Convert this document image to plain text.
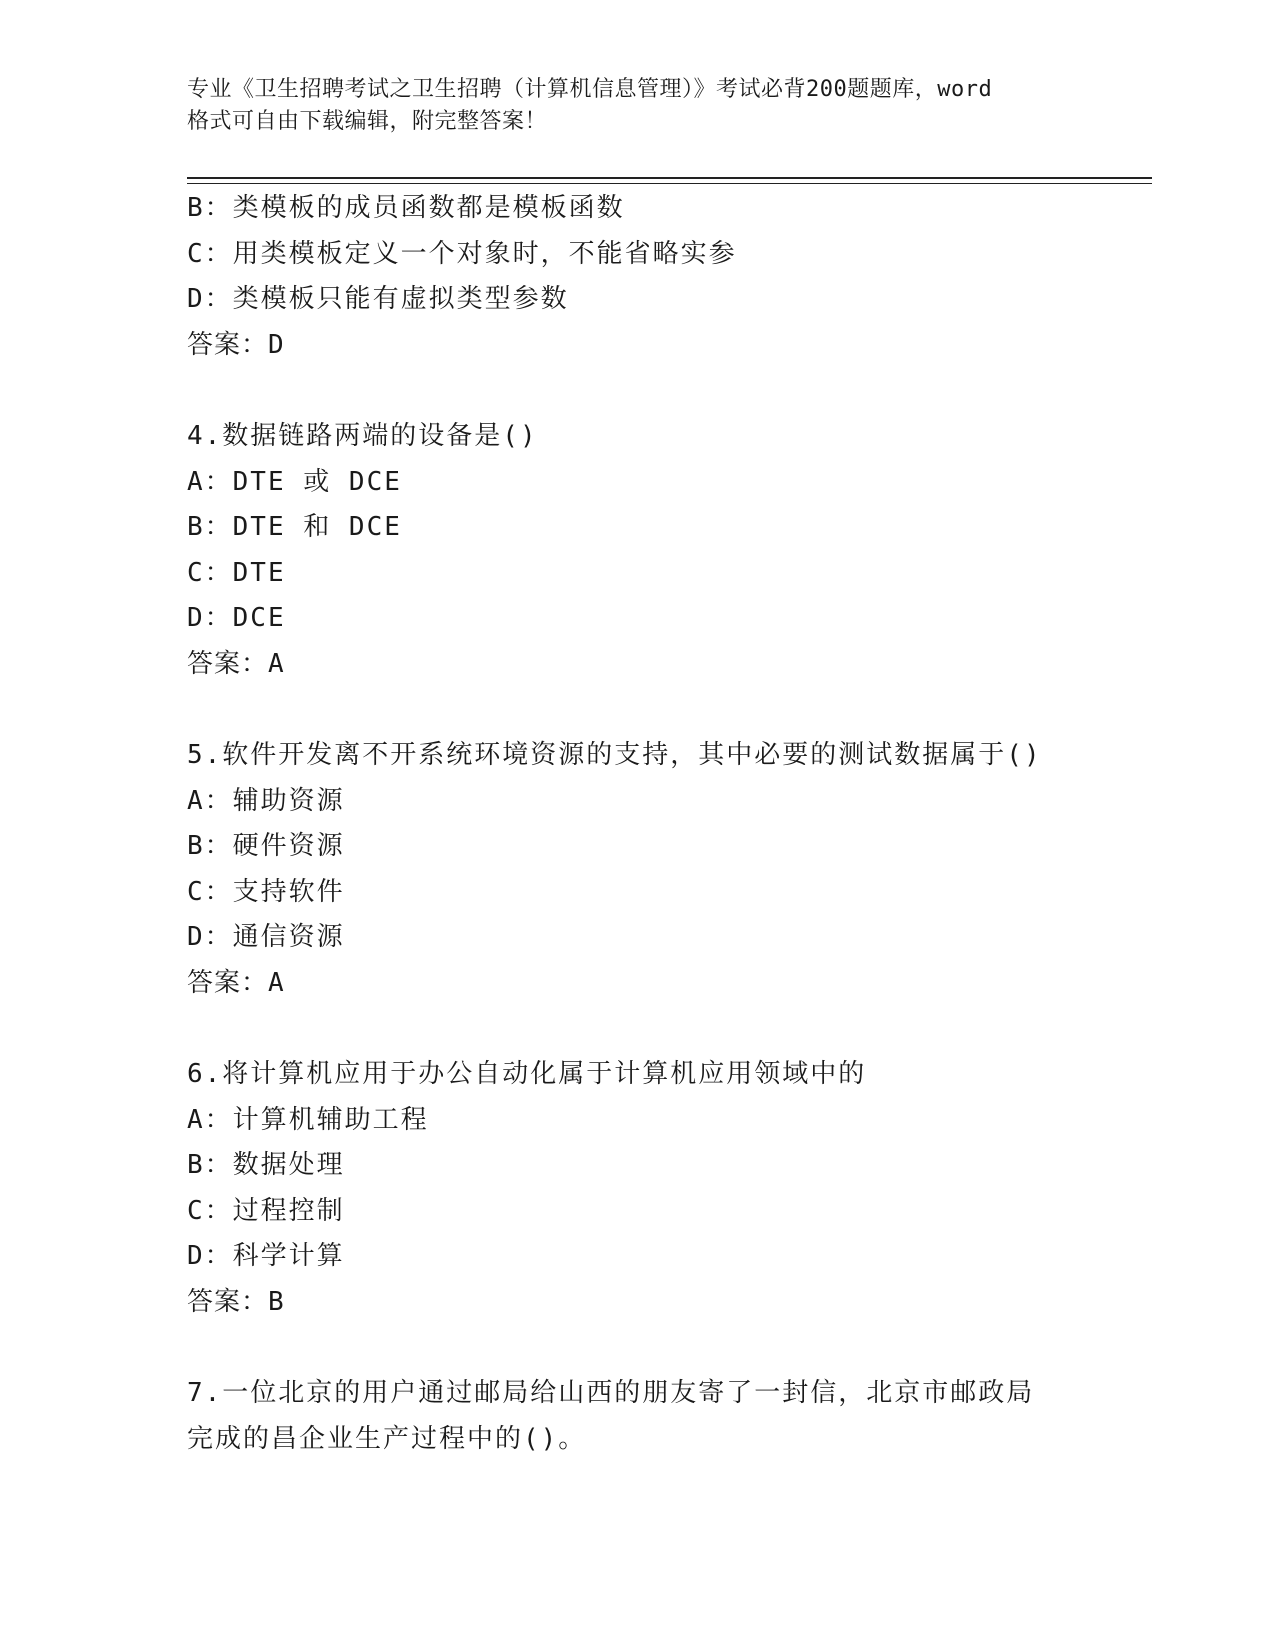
专业《卫生招聘考试之卫生招聘（计算机信息管理）》考试必背200题题库，word
格式可自由下载编辑，附完整答案！
B：类模板的成员函数都是模板函数
C：用类模板定义一个对象时，不能省略实参
D：类模板只能有虚拟类型参数
答案：D
4.数据链路两端的设备是()
A：DTE 或 DCE
B：DTE 和 DCE
C：DTE
D：DCE
答案：A
5.软件开发离不开系统环境资源的支持，其中必要的测试数据属于()
A：辅助资源
B：硬件资源
C：支持软件
D：通信资源
答案：A
6.将计算机应用于办公自动化属于计算机应用领域中的
A：计算机辅助工程
B：数据处理
C：过程控制
D：科学计算
答案：B
7.一位北京的用户通过邮局给山西的朋友寄了一封信，北京市邮政局
完成的昌企业生产过程中的()。
